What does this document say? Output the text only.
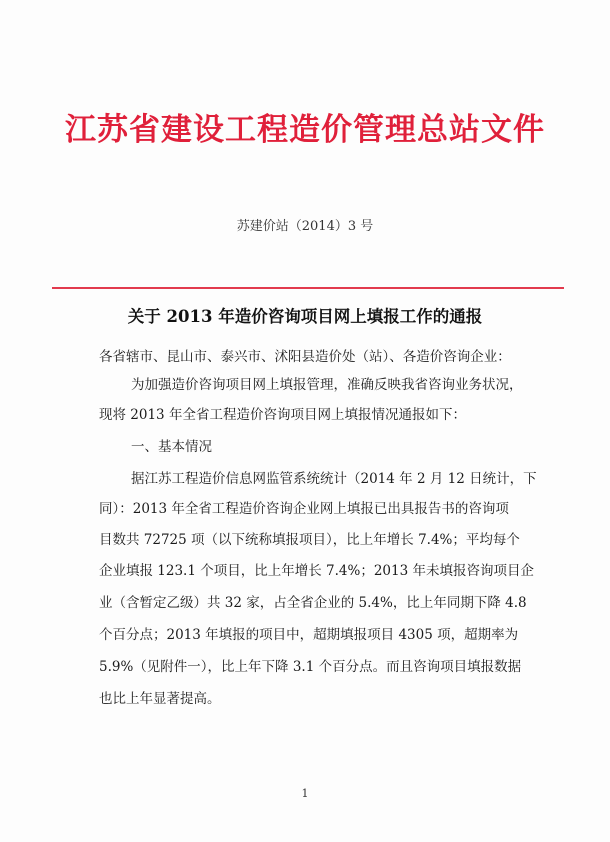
江苏省建设工程造价管理总站文件
苏建价站（2014）3 号
关于 2013 年造价咨询项目网上填报工作的通报
各省辖市、昆山市、泰兴市、沭阳县造价处（站）、各造价咨询企业：
为加强造价咨询项目网上填报管理，准确反映我省咨询业务状况，
现将 2013 年全省工程造价咨询项目网上填报情况通报如下：
一、基本情况
据江苏工程造价信息网监管系统统计（2014 年 2 月 12 日统计，下
同）：2013 年全省工程造价咨询企业网上填报已出具报告书的咨询项
目数共 72725 项（以下统称填报项目），比上年增长 7.4%；平均每个
企业填报 123.1 个项目，比上年增长 7.4%；2013 年未填报咨询项目企
业（含暂定乙级）共 32 家，占全省企业的 5.4%，比上年同期下降 4.8
个百分点；2013 年填报的项目中，超期填报项目 4305 项，超期率为
5.9%（见附件一），比上年下降 3.1 个百分点。而且咨询项目填报数据
也比上年显著提高。
1
